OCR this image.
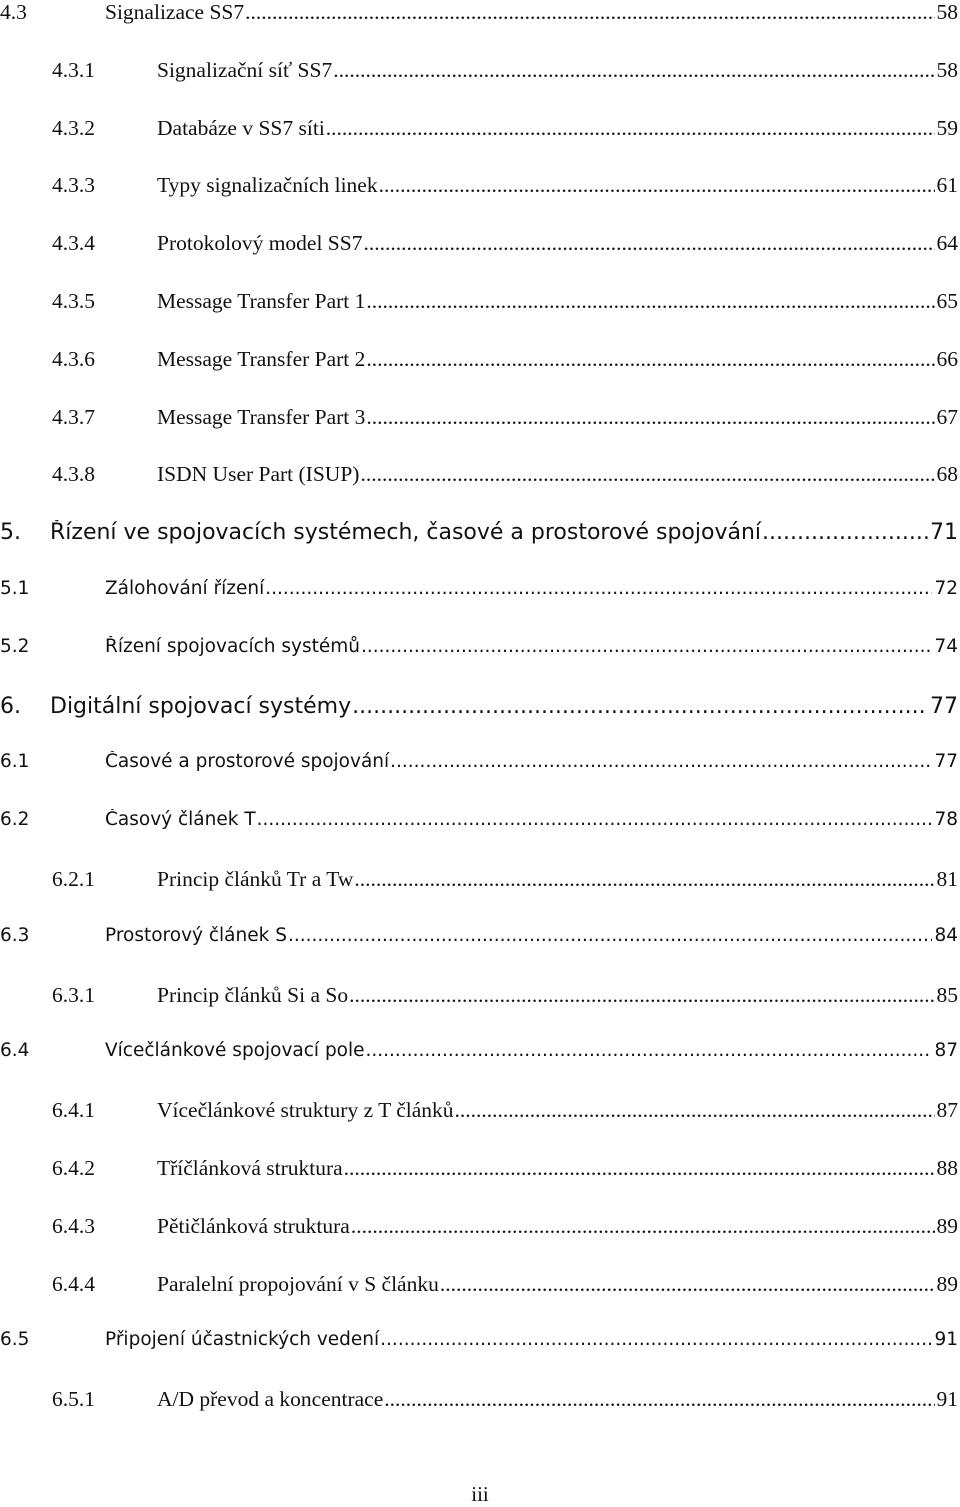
4.3	Signalizace SS7 .....	58
4.3.1	Signalizační síť SS7 .....	58
4.3.2	Databáze v SS7 síti .....	59
4.3.3	Typy signalizačních linek .....	61
4.3.4	Protokolový model SS7 .....	64
4.3.5	Message Transfer Part 1 .....	65
4.3.6	Message Transfer Part 2 .....	66
4.3.7	Message Transfer Part 3 .....	67
4.3.8	ISDN User Part (ISUP) .....	68
5.	Řízení ve spojovacích systémech, časové a prostorové spojování .....	71
5.1	Zálohování řízení .....	72
5.2	Řízení spojovacích systémů .....	74
6.	Digitální spojovací systémy .....	77
6.1	Časové a prostorové spojování .....	77
6.2	Časový článek T .....	78
6.2.1	Princip článků Tr a Tw .....	81
6.3	Prostorový článek S .....	84
6.3.1	Princip článků Si a So .....	85
6.4	Vícečlánkové spojovací pole .....	87
6.4.1	Vícečlánkové struktury z T článků .....	87
6.4.2	Tříčlánková struktura .....	88
6.4.3	Pětičlánková struktura .....	89
6.4.4	Paralelní propojování v S článku .....	89
6.5	Připojení účastnických vedení .....	91
6.5.1	A/D převod a koncentrace .....	91
iii
